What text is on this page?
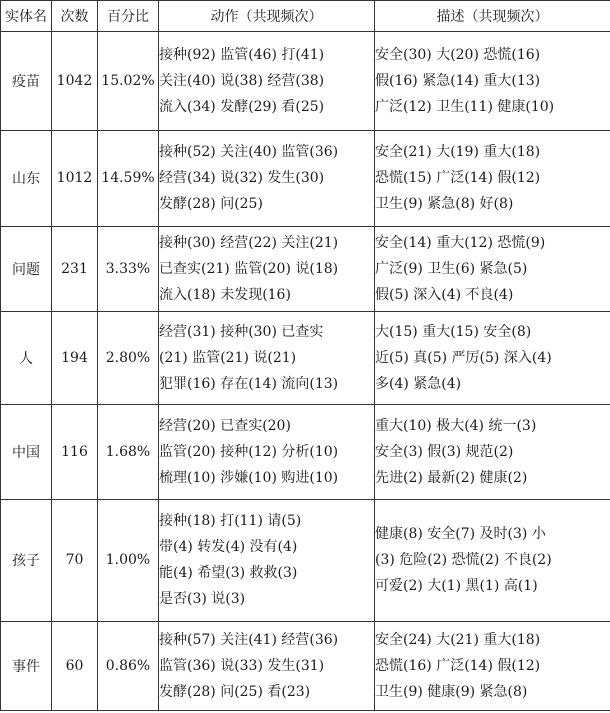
实体名	次数	百分比	动作（共现频次）	描述（共现频次）
疫苗	1042	15.02%	接种(92) 监管(46) 打(41)
关注(40) 说(38) 经营(38)
流入(34) 发酵(29) 看(25)	安全(30) 大(20) 恐慌(16)
假(16) 紧急(14) 重大(13)
广泛(12) 卫生(11) 健康(10)

山东	1012	14.59%	接种(52) 关注(40) 监管(36)
经营(34) 说(32) 发生(30)
发酵(28) 问(25)	安全(21) 大(19) 重大(18)
恐慌(15) 广泛(14) 假(12)
卫生(9) 紧急(8) 好(8)

问题	231	3.33%	接种(30) 经营(22) 关注(21)
已查实(21) 监管(20) 说(18)
流入(18) 未发现(16)	安全(14) 重大(12) 恐慌(9)
广泛(9) 卫生(6) 紧急(5)
假(5) 深入(4) 不良(4)

人	194	2.80%	经营(31) 接种(30) 已查实
(21) 监管(21) 说(21)
犯罪(16) 存在(14) 流向(13)	大(15) 重大(15) 安全(8)
近(5) 真(5) 严厉(5) 深入(4)
多(4) 紧急(4)

中国	116	1.68%	经营(20) 已查实(20)
监管(20) 接种(12) 分析(10)
梳理(10) 涉嫌(10) 购进(10)	重大(10) 极大(4) 统一(3)
安全(3) 假(3) 规范(2)
先进(2) 最新(2) 健康(2)

孩子	70	1.00%	接种(18) 打(11) 请(5)
带(4) 转发(4) 没有(4)
能(4) 希望(3) 救救(3)
是否(3) 说(3)	健康(8) 安全(7) 及时(3) 小
(3) 危险(2) 恐慌(2) 不良(2)
可爱(2) 大(1) 黑(1) 高(1)

事件	60	0.86%	接种(57) 关注(41) 经营(36)
监管(36) 说(33) 发生(31)
发酵(28) 问(25) 看(23)	安全(24) 大(21) 重大(18)
恐慌(16) 广泛(14) 假(12)
卫生(9) 健康(9) 紧急(8)
